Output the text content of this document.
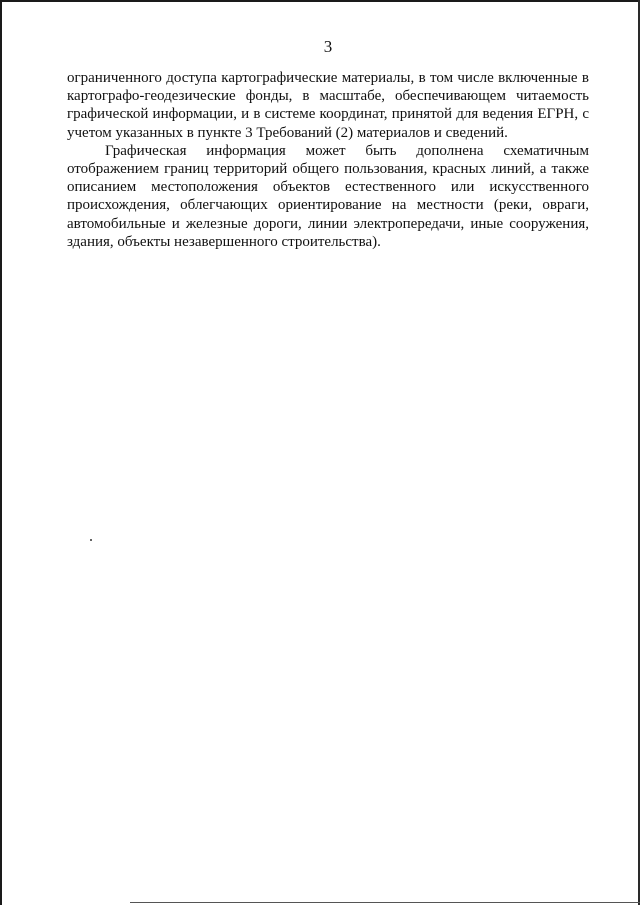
3

ограниченного доступа картографические материалы, в том числе включенные в картографо-геодезические фонды, в масштабе, обеспечивающем читаемость графической информации, и в системе координат, принятой для ведения ЕГРН, с учетом указанных в пункте 3 Требований (2) материалов и сведений.

Графическая информация может быть дополнена схематичным отображением границ территорий общего пользования, красных линий, а также описанием местоположения объектов естественного или искусственного происхождения, облегчающих ориентирование на местности (реки, овраги, автомобильные и железные дороги, линии электропередачи, иные сооружения, здания, объекты незавершенного строительства).
